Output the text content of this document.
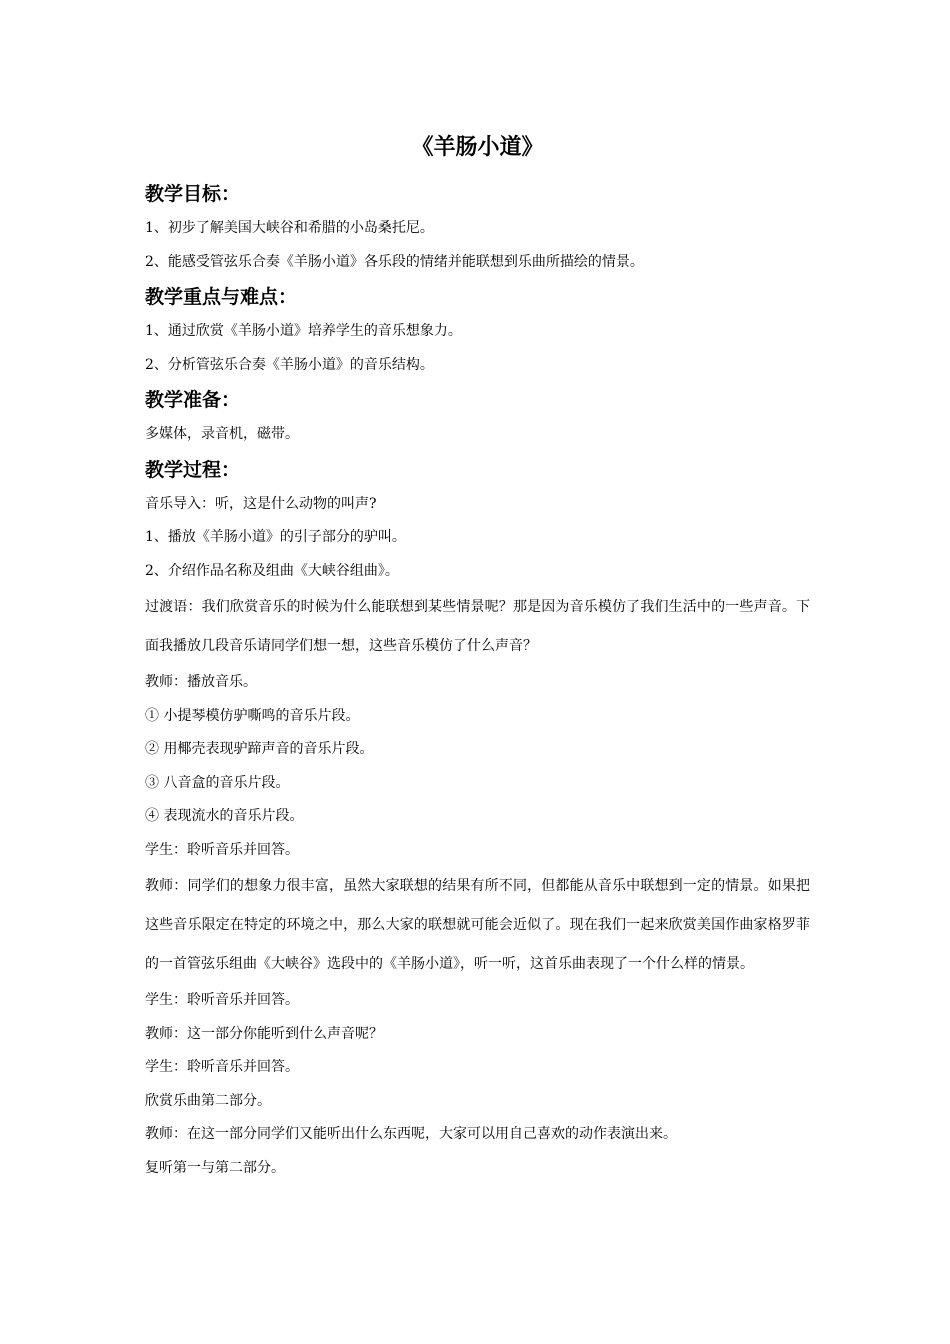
《羊肠小道》
教学目标：

1、初步了解美国大峡谷和希腊的小岛桑托尼。

2、能感受管弦乐合奏《羊肠小道》各乐段的情绪并能联想到乐曲所描绘的情景。

教学重点与难点：

1、通过欣赏《羊肠小道》培养学生的音乐想象力。

2、分析管弦乐合奏《羊肠小道》的音乐结构。

教学准备：

多媒体，录音机，磁带。

教学过程：

音乐导入：听，这是什么动物的叫声?

1、播放《羊肠小道》的引子部分的驴叫。

2、介绍作品名称及组曲《大峡谷组曲》。

过渡语：我们欣赏音乐的时候为什么能联想到某些情景呢？那是因为音乐模仿了我们生活中的一些声音。下面我播放几段音乐请同学们想一想，这些音乐模仿了什么声音？

教师：播放音乐。

① 小提琴模仿驴嘶鸣的音乐片段。

② 用椰壳表现驴蹄声音的音乐片段。

③ 八音盒的音乐片段。

④ 表现流水的音乐片段。

学生：聆听音乐并回答。

教师：同学们的想象力很丰富，虽然大家联想的结果有所不同，但都能从音乐中联想到一定的情景。如果把这些音乐限定在特定的环境之中，那么大家的联想就可能会近似了。现在我们一起来欣赏美国作曲家格罗菲的一首管弦乐组曲《大峡谷》选段中的《羊肠小道》，听一听，这首乐曲表现了一个什么样的情景。

学生：聆听音乐并回答。

教师：这一部分你能听到什么声音呢？

学生：聆听音乐并回答。

欣赏乐曲第二部分。

教师：在这一部分同学们又能听出什么东西呢，大家可以用自己喜欢的动作表演出来。

复听第一与第二部分。
